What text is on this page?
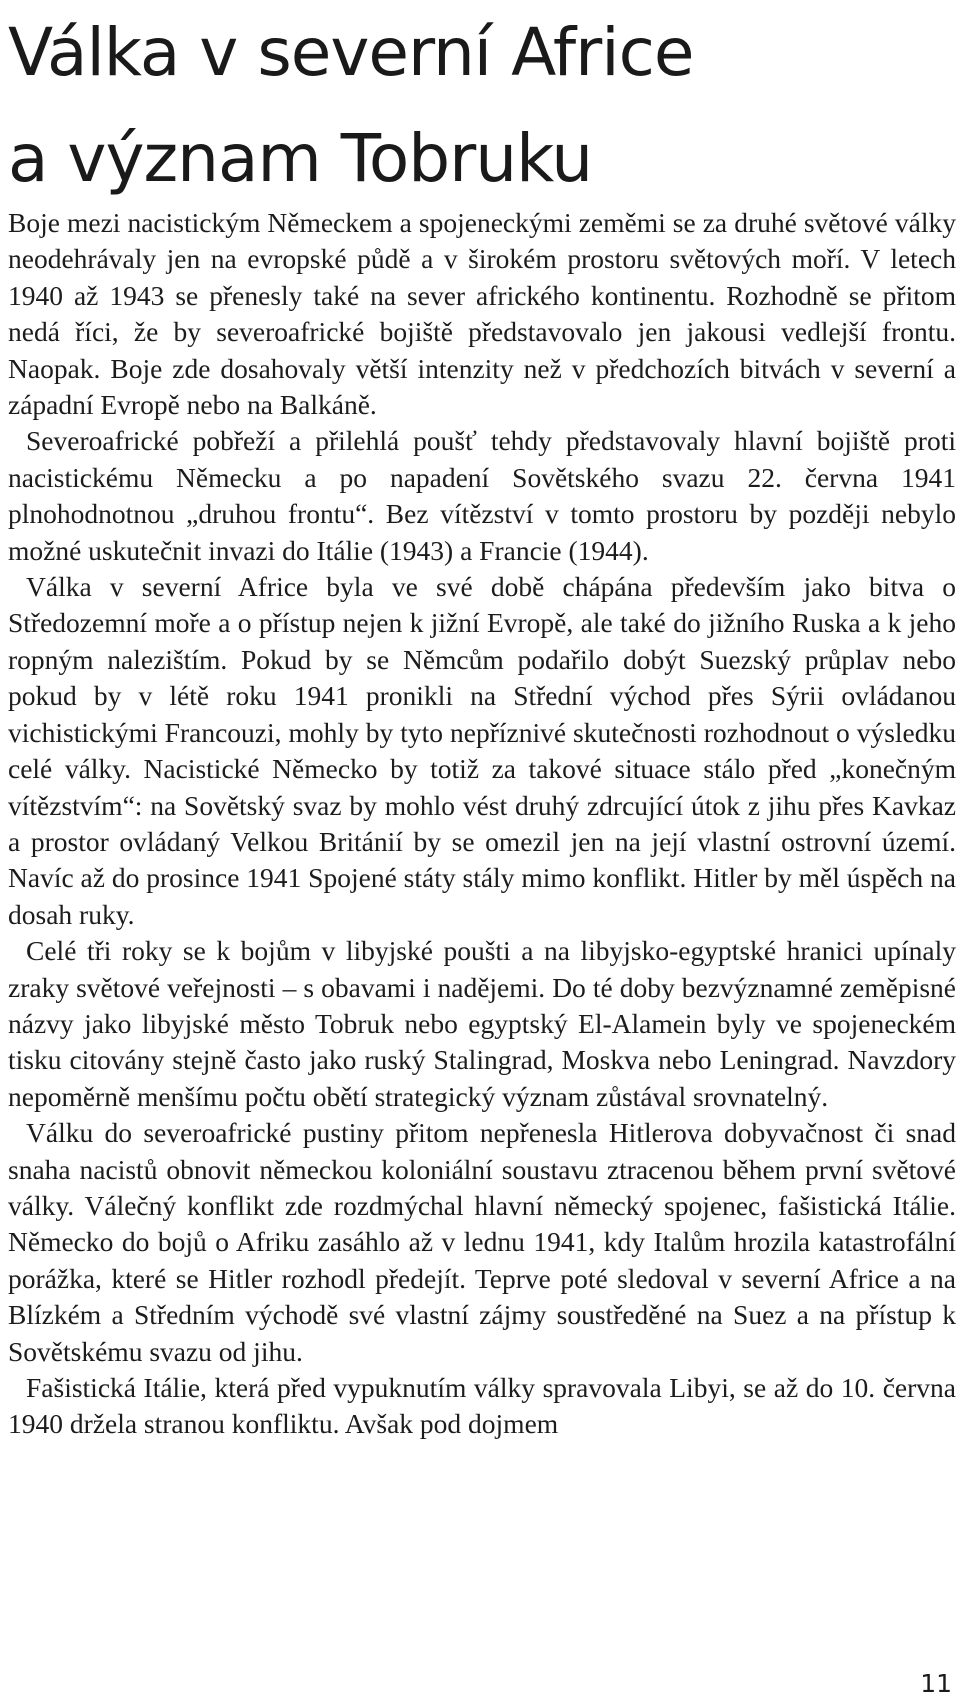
Válka v severní Africe
a význam Tobruku

Boje mezi nacistickým Německem a spojeneckými zeměmi se za druhé světové války neodehrávaly jen na evropské půdě a v širokém prostoru světových moří. V letech 1940 až 1943 se přenesly také na sever afrického kontinentu. Rozhodně se přitom nedá říci, že by severoafrické bojiště představovalo jen jakousi vedlejší frontu. Naopak. Boje zde dosahovaly větší intenzity než v předchozích bitvách v severní a západní Evropě nebo na Balkáně.

Severoafrické pobřeží a přilehlá poušť tehdy představovaly hlavní bojiště proti nacistickému Německu a po napadení Sovětského svazu 22. června 1941 plnohodnotnou „druhou frontu“. Bez vítězství v tomto prostoru by později nebylo možné uskutečnit invazi do Itálie (1943) a Francie (1944).

Válka v severní Africe byla ve své době chápána především jako bitva o Středozemní moře a o přístup nejen k jižní Evropě, ale také do jižního Ruska a k jeho ropným nalezištím. Pokud by se Němcům podařilo dobýt Suezský průplav nebo pokud by v létě roku 1941 pronikli na Střední východ přes Sýrii ovládanou vichistickými Francouzi, mohly by tyto nepříznivé skutečnosti rozhodnout o výsledku celé války. Nacistické Německo by totiž za takové situace stálo před „konečným vítězstvím“: na Sovětský svaz by mohlo vést druhý zdrcující útok z jihu přes Kavkaz a prostor ovládaný Velkou Británií by se omezil jen na její vlastní ostrovní území. Navíc až do prosince 1941 Spojené státy stály mimo konflikt. Hitler by měl úspěch na dosah ruky.

Celé tři roky se k bojům v libyjské poušti a na libyjsko-egyptské hranici upínaly zraky světové veřejnosti – s obavami i nadějemi. Do té doby bezvýznamné zeměpisné názvy jako libyjské město Tobruk nebo egyptský El-Alamein byly ve spojeneckém tisku citovány stejně často jako ruský Stalingrad, Moskva nebo Leningrad. Navzdory nepoměrně menšímu počtu obětí strategický význam zůstával srovnatelný.

Válku do severoafrické pustiny přitom nepřenesla Hitlerova dobyvačnost či snad snaha nacistů obnovit německou koloniální soustavu ztracenou během první světové války. Válečný konflikt zde rozdmýchal hlavní německý spojenec, fašistická Itálie. Německo do bojů o Afriku zasáhlo až v lednu 1941, kdy Italům hrozila katastrofální porážka, které se Hitler rozhodl předejít. Teprve poté sledoval v severní Africe a na Blízkém a Středním východě své vlastní zájmy soustředěné na Suez a na přístup k Sovětskému svazu od jihu.

Fašistická Itálie, která před vypuknutím války spravovala Libyi, se až do 10. června 1940 držela stranou konfliktu. Avšak pod dojmem

11
